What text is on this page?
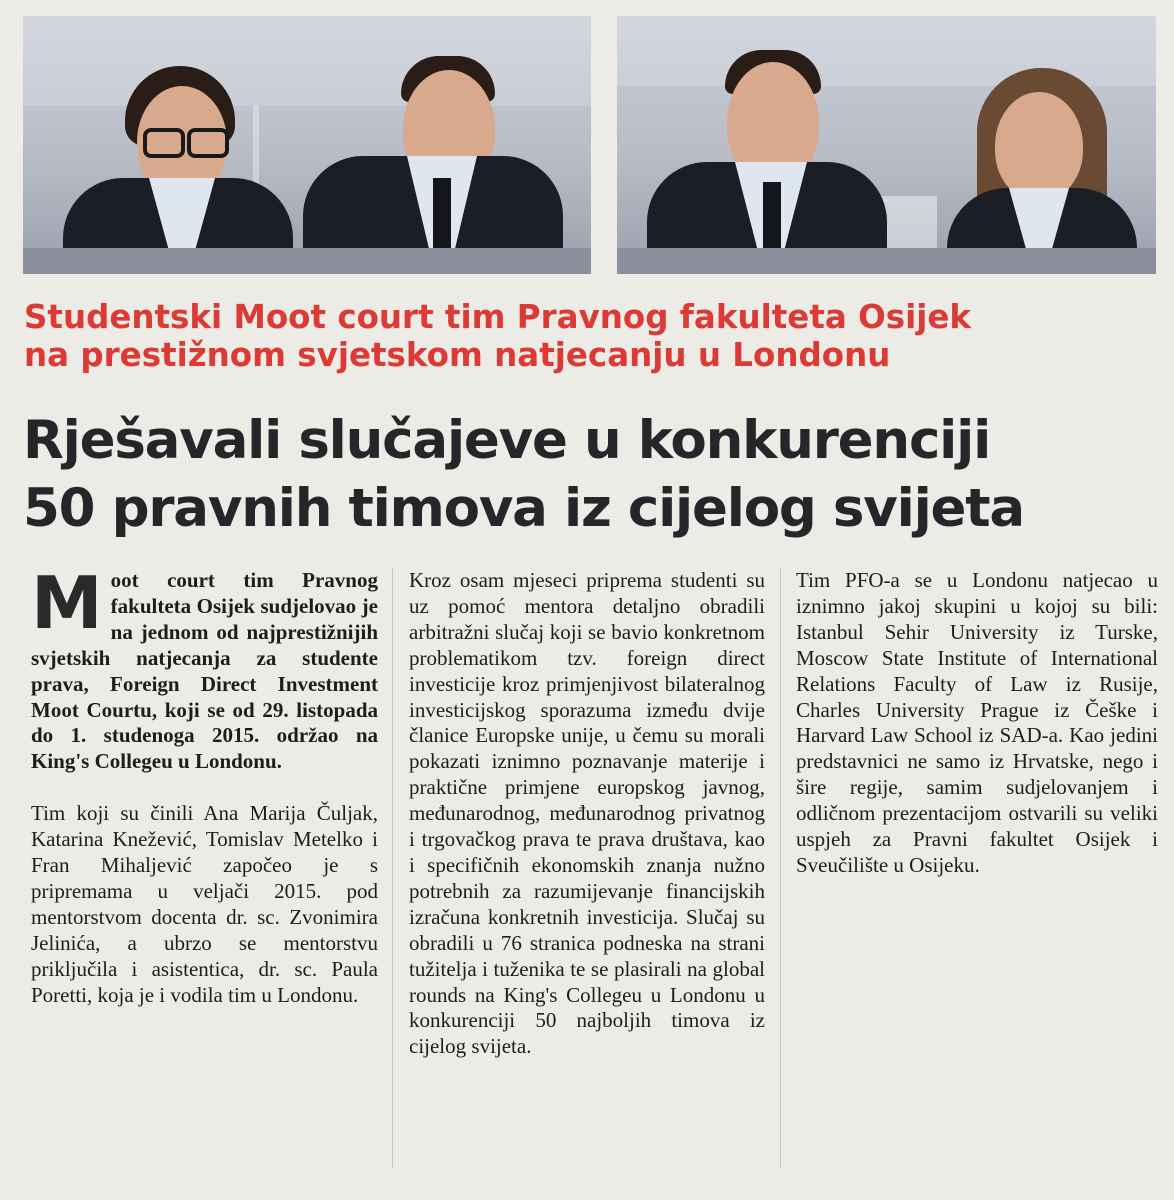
Studentski Moot court tim Pravnog fakulteta Osijek
na prestižnom svjetskom natjecanju u Londonu
Rješavali slučajeve u konkurenciji
50 pravnih timova iz cijelog svijeta

Moot court tim Pravnog fakulteta Osijek sudjelovao je na jednom od najprestižnijih svjetskih natjecanja za studente prava, Foreign Direct Investment Moot Courtu, koji se od 29. listopada do 1. studenoga 2015. održao na King's Collegeu u Londonu.

Tim koji su činili Ana Marija Čuljak, Katarina Knežević, Tomislav Metelko i Fran Mihaljević započeo je s pripremama u veljači 2015. pod mentorstvom docenta dr. sc. Zvonimira Jelinića, a ubrzo se mentorstvu priključila i asistentica, dr. sc. Paula Poretti, koja je i vodila tim u Londonu.

Kroz osam mjeseci priprema studenti su uz pomoć mentora detaljno obradili arbitražni slučaj koji se bavio konkretnom problematikom tzv. foreign direct investicije kroz primjenjivost bilateralnog investicijskog sporazuma između dvije članice Europske unije, u čemu su morali pokazati iznimno poznavanje materije i praktične primjene europskog javnog, međunarodnog, međunarodnog privatnog i trgovačkog prava te prava društava, kao i specifičnih ekonomskih znanja nužno potrebnih za razumijevanje financijskih izračuna konkretnih investicija. Slučaj su obradili u 76 stranica podneska na strani tužitelja i tuženika te se plasirali na global rounds na King's Collegeu u Londonu u konkurenciji 50 najboljih timova iz cijelog svijeta.

Tim PFO-a se u Londonu natjecao u iznimno jakoj skupini u kojoj su bili: Istanbul Sehir University iz Turske, Moscow State Institute of International Relations Faculty of Law iz Rusije, Charles University Prague iz Češke i Harvard Law School iz SAD-a. Kao jedini predstavnici ne samo iz Hrvatske, nego i šire regije, samim sudjelovanjem i odličnom prezentacijom ostvarili su veliki uspjeh za Pravni fakultet Osijek i Sveučilište u Osijeku.
